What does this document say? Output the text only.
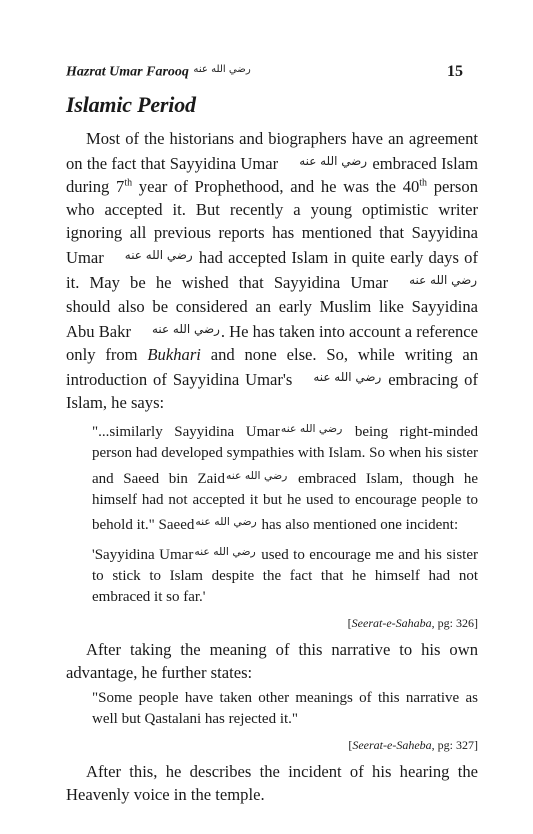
Hazrat Umar Farooq رضي الله عنه	15
Islamic Period

Most of the historians and biographers have an agreement on the fact that Sayyidina Umar رضي الله عنه embraced Islam during 7th year of Prophethood, and he was the 40th person who accepted it. But recently a young optimistic writer ignoring all previous reports has mentioned that Sayyidina Umar رضي الله عنه had accepted Islam in quite early days of it. May be he wished that Sayyidina Umar رضي الله عنه should also be considered an early Muslim like Sayyidina Abu Bakr رضي الله عنه. He has taken into account a reference only from Bukhari and none else. So, while writing an introduction of Sayyidina Umar's رضي الله عنه embracing of Islam, he says:

"...similarly Sayyidina Umarرضي الله عنه being right-minded person had developed sympathies with Islam. So when his sister and Saeed bin Zaidرضي الله عنه embraced Islam, though he himself had not accepted it but he used to encourage people to behold it." Saeedرضي الله عنه has also mentioned one incident:

'Sayyidina Umarرضي الله عنه used to encourage me and his sister to stick to Islam despite the fact that he himself had not embraced it so far.'

[Seerat-e-Sahaba, pg: 326]

After taking the meaning of this narrative to his own advantage, he further states:

"Some people have taken other meanings of this narrative as well but Qastalani has rejected it."

[Seerat-e-Saheba, pg: 327]

After this, he describes the incident of his hearing the Heavenly voice in the temple.
